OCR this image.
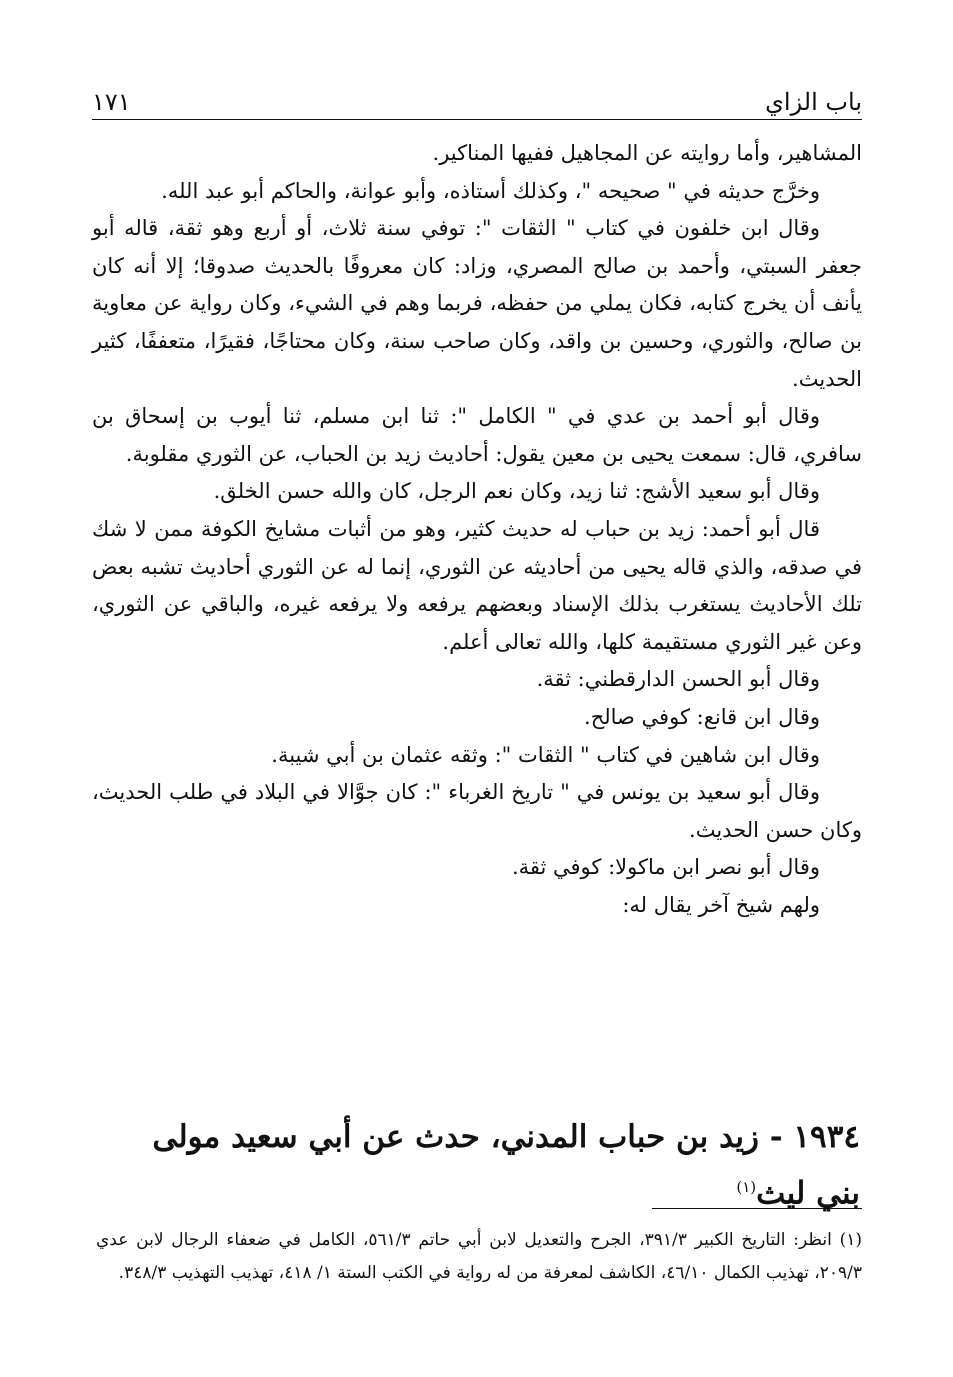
باب الزاي
١٧١

المشاهير، وأما روايته عن المجاهيل ففيها المناكير.

وخرَّج حديثه في " صحيحه "، وكذلك أستاذه، وأبو عوانة، والحاكم أبو عبد الله.

وقال ابن خلفون في كتاب " الثقات ": توفي سنة ثلاث، أو أربع وهو ثقة، قاله أبو جعفر السبتي، وأحمد بن صالح المصري، وزاد: كان معروفًا بالحديث صدوقا؛ إلا أنه كان يأنف أن يخرج كتابه، فكان يملي من حفظه، فربما وهم في الشيء، وكان رواية عن معاوية بن صالح، والثوري، وحسين بن واقد، وكان صاحب سنة، وكان محتاجًا، فقيرًا، متعففًا، كثير الحديث.

وقال أبو أحمد بن عدي في " الكامل ": ثنا ابن مسلم، ثنا أيوب بن إسحاق بن سافري، قال: سمعت يحيى بن معين يقول: أحاديث زيد بن الحباب، عن الثوري مقلوبة.

وقال أبو سعيد الأشج: ثنا زيد، وكان نعم الرجل، كان والله حسن الخلق.

قال أبو أحمد: زيد بن حباب له حديث كثير، وهو من أثبات مشايخ الكوفة ممن لا شك في صدقه، والذي قاله يحيى من أحاديثه عن الثوري، إنما له عن الثوري أحاديث تشبه بعض تلك الأحاديث يستغرب بذلك الإسناد وبعضهم يرفعه ولا يرفعه غيره، والباقي عن الثوري، وعن غير الثوري مستقيمة كلها، والله تعالى أعلم.

وقال أبو الحسن الدارقطني: ثقة.

وقال ابن قانع: كوفي صالح.

وقال ابن شاهين في كتاب " الثقات ": وثقه عثمان بن أبي شيبة.

وقال أبو سعيد بن يونس في " تاريخ الغرباء ": كان جوَّالا في البلاد في طلب الحديث، وكان حسن الحديث.

وقال أبو نصر ابن ماكولا: كوفي ثقة.

ولهم شيخ آخر يقال له:

١٩٣٤ - زيد بن حباب المدني، حدث عن أبي سعيد مولى بني ليث$^{(١)}$

(١) انظر: التاريخ الكبير ٣٩١/٣، الجرح والتعديل لابن أبي حاتم ٥٦١/٣، الكامل في ضعفاء الرجال لابن عدي ٢٠٩/٣، تهذيب الكمال ٤٦/١٠، الكاشف لمعرفة من له رواية في الكتب الستة ١/ ٤١٨، تهذيب التهذيب ٣٤٨/٣.
